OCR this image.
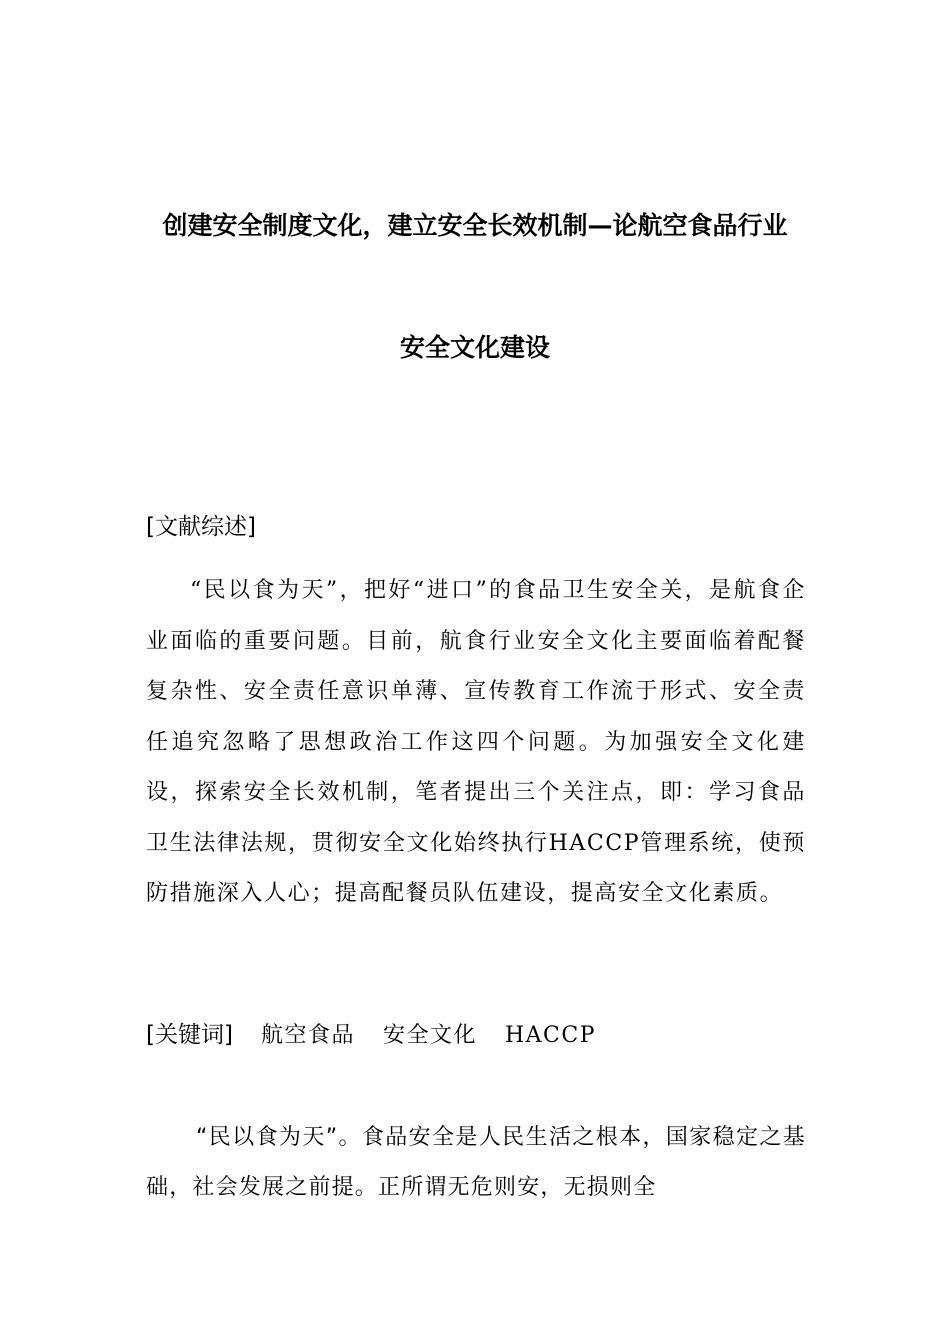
创建安全制度文化，建立安全长效机制—论航空食品行业
安全文化建设
[文献综述]
“民以食为天”，把好“进口”的食品卫生安全关，是航食企业面临的重要问题。目前，航食行业安全文化主要面临着配餐复杂性、安全责任意识单薄、宣传教育工作流于形式、安全责任追究忽略了思想政治工作这四个问题。为加强安全文化建设，探索安全长效机制，笔者提出三个关注点，即：学习食品卫生法律法规，贯彻安全文化始终执行HACCP管理系统，使预防措施深入人心；提高配餐员队伍建设，提高安全文化素质。
[关键词] 航空食品 安全文化 HACCP
“民以食为天”。食品安全是人民生活之根本，国家稳定之基础，社会发展之前提。正所谓无危则安，无损则全
